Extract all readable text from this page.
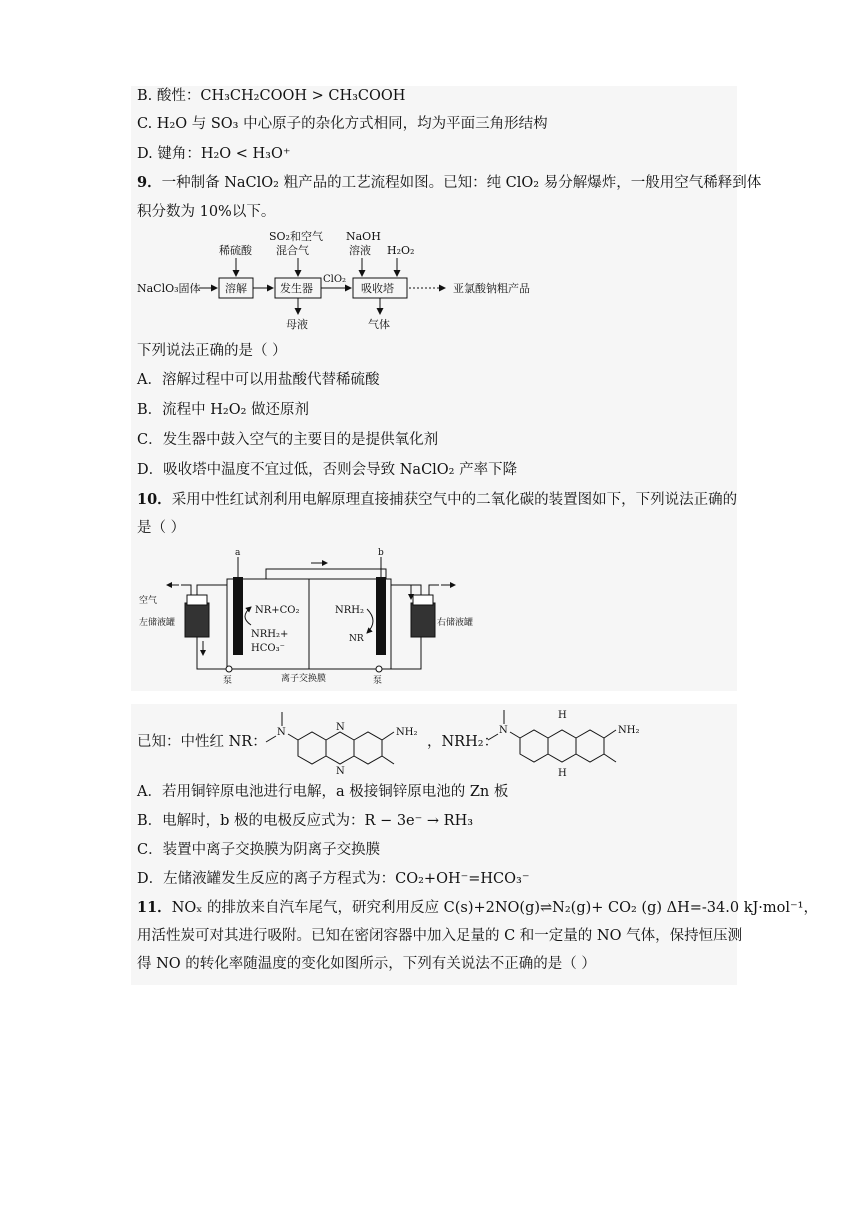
B. 酸性：CH₃CH₂COOH > CH₃COOH
C. H₂O 与 SO₃ 中心原子的杂化方式相同，均为平面三角形结构
D. 键角：H₂O < H₃O⁺
9．一种制备 NaClO₂ 粗产品的工艺流程如图。已知：纯 ClO₂ 易分解爆炸，一般用空气稀释到体
积分数为 10%以下。
NaClO₃固体 溶解	发生器
ClO₂
吸收塔	亚氯酸钠粗产品
稀硫酸
SO₂和空气
混合气
NaOH
溶液 H₂O₂
母液	气体
下列说法正确的是（ ）
A．溶解过程中可以用盐酸代替稀硫酸
B．流程中 H₂O₂ 做还原剂
C．发生器中鼓入空气的主要目的是提供氧化剂
D．吸收塔中温度不宜过低，否则会导致 NaClO₂ 产率下降
10．采用中性红试剂利用电解原理直接捕获空气中的二氧化碳的装置图如下，下列说法正确的
是（ ）
a	b
NR+CO₂
NRH₂+
HCO₃⁻
NRH₂
NR
空气
左储液罐	右储液罐
泵	泵
离子交换膜
已知：中性红 NR：
N	N
N
NH₂
，NRH₂：
N
H
H
NH₂
A．若用铜锌原电池进行电解，a 极接铜锌原电池的 Zn 板
B．电解时，b 极的电极反应式为：R − 3e⁻ → RH₃
C．装置中离子交换膜为阴离子交换膜
D．左储液罐发生反应的离子方程式为：CO₂+OH⁻=HCO₃⁻
11．NOₓ 的排放来自汽车尾气，研究利用反应 C(s)+2NO(g)⇌N₂(g)+ CO₂ (g) ΔH=-34.0 kJ·mol⁻¹，
用活性炭可对其进行吸附。已知在密闭容器中加入足量的 C 和一定量的 NO 气体，保持恒压测
得 NO 的转化率随温度的变化如图所示，下列有关说法不正确的是（ ）
